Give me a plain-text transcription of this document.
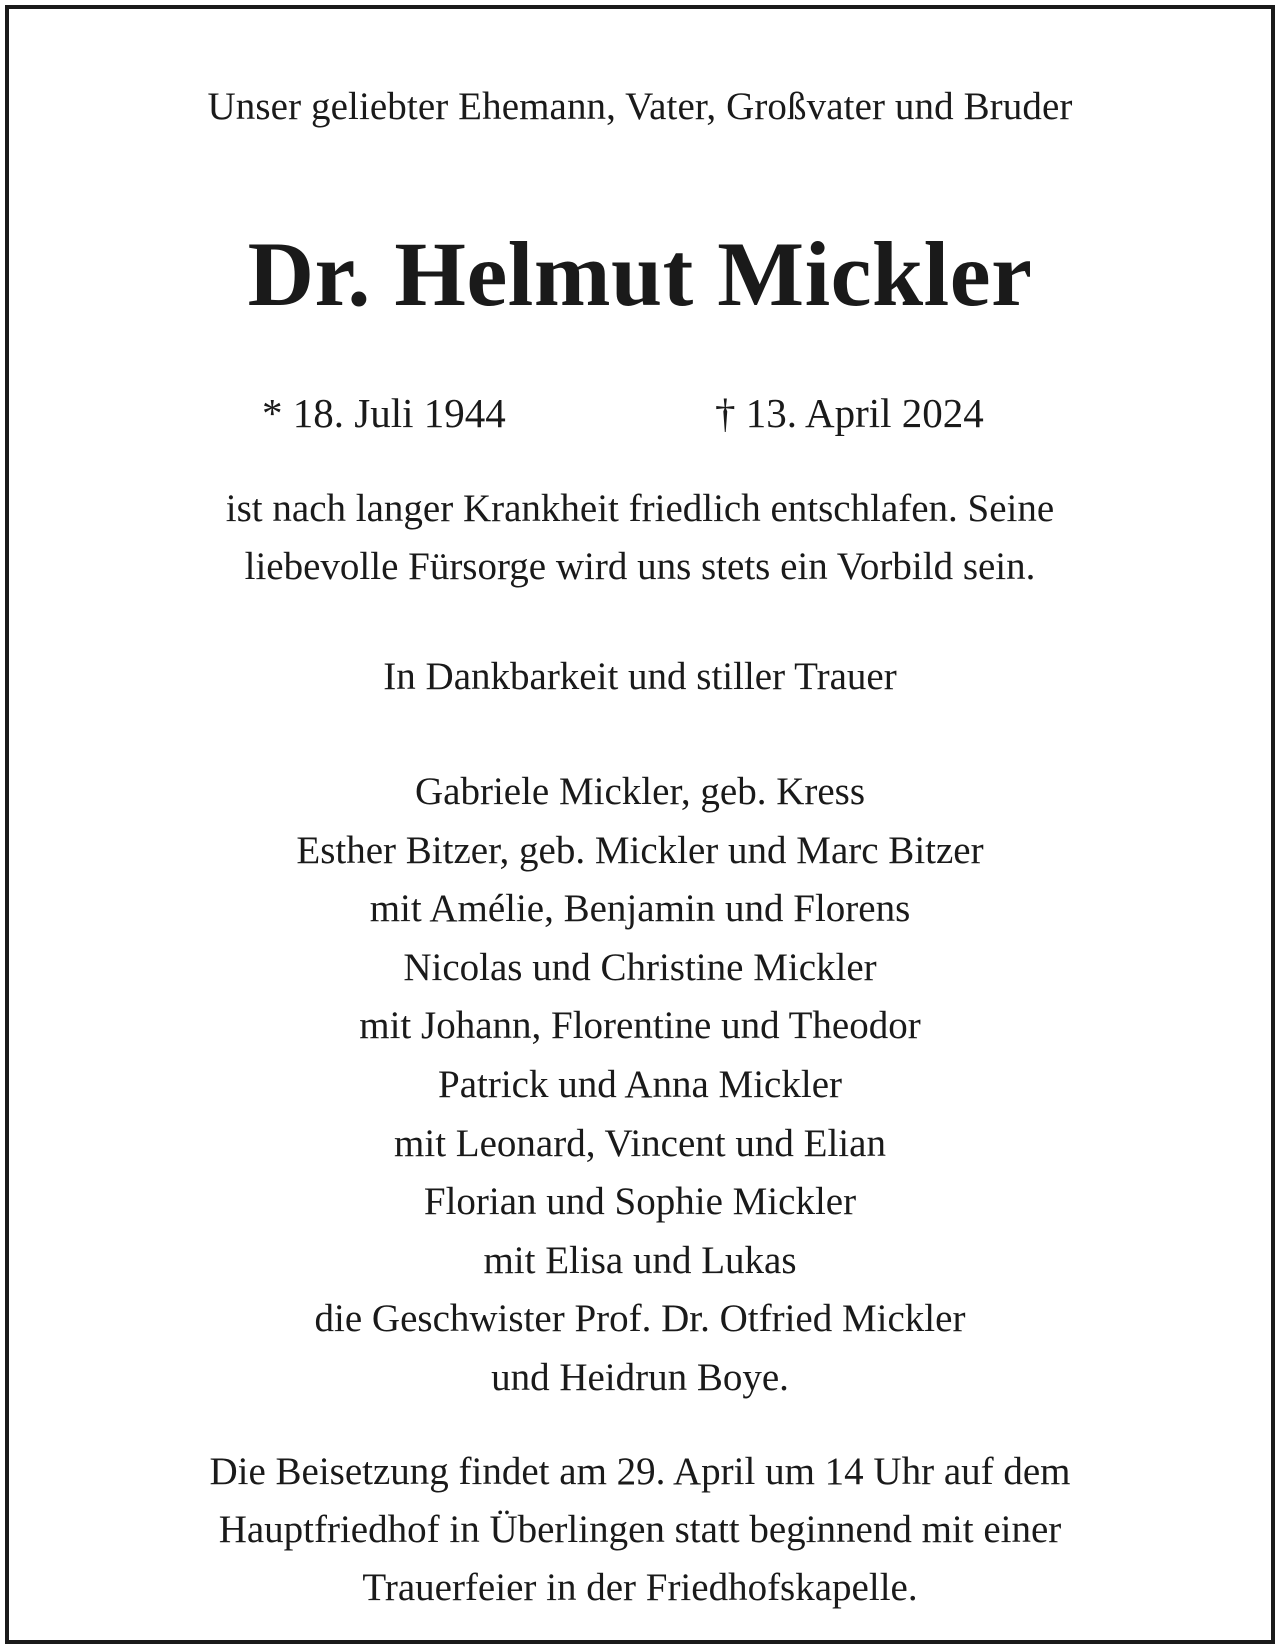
Unser geliebter Ehemann, Vater, Großvater und Bruder
Dr. Helmut Mickler
* 18. Juli 1944	† 13. April 2024
ist nach langer Krankheit friedlich entschlafen. Seine
liebevolle Fürsorge wird uns stets ein Vorbild sein.
In Dankbarkeit und stiller Trauer
Gabriele Mickler, geb. Kress
Esther Bitzer, geb. Mickler und Marc Bitzer
mit Amélie, Benjamin und Florens
Nicolas und Christine Mickler
mit Johann, Florentine und Theodor
Patrick und Anna Mickler
mit Leonard, Vincent und Elian
Florian und Sophie Mickler
mit Elisa und Lukas
die Geschwister Prof. Dr. Otfried Mickler
und Heidrun Boye.
Die Beisetzung findet am 29. April um 14 Uhr auf dem
Hauptfriedhof in Überlingen statt beginnend mit einer
Trauerfeier in der Friedhofskapelle.
